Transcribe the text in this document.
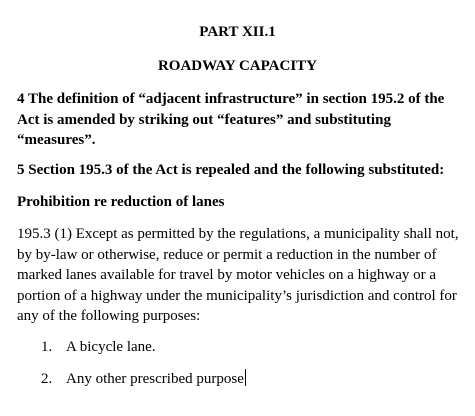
PART XII.1
ROADWAY CAPACITY
4 The definition of “adjacent infrastructure” in section 195.2 of the
Act is amended by striking out “features” and substituting
“measures”.
5 Section 195.3 of the Act is repealed and the following substituted:
Prohibition re reduction of lanes
195.3 (1) Except as permitted by the regulations, a municipality shall not,
by by-law or otherwise, reduce or permit a reduction in the number of
marked lanes available for travel by motor vehicles on a highway or a
portion of a highway under the municipality’s jurisdiction and control for
any of the following purposes:
1. A bicycle lane.
2. Any other prescribed purpose
